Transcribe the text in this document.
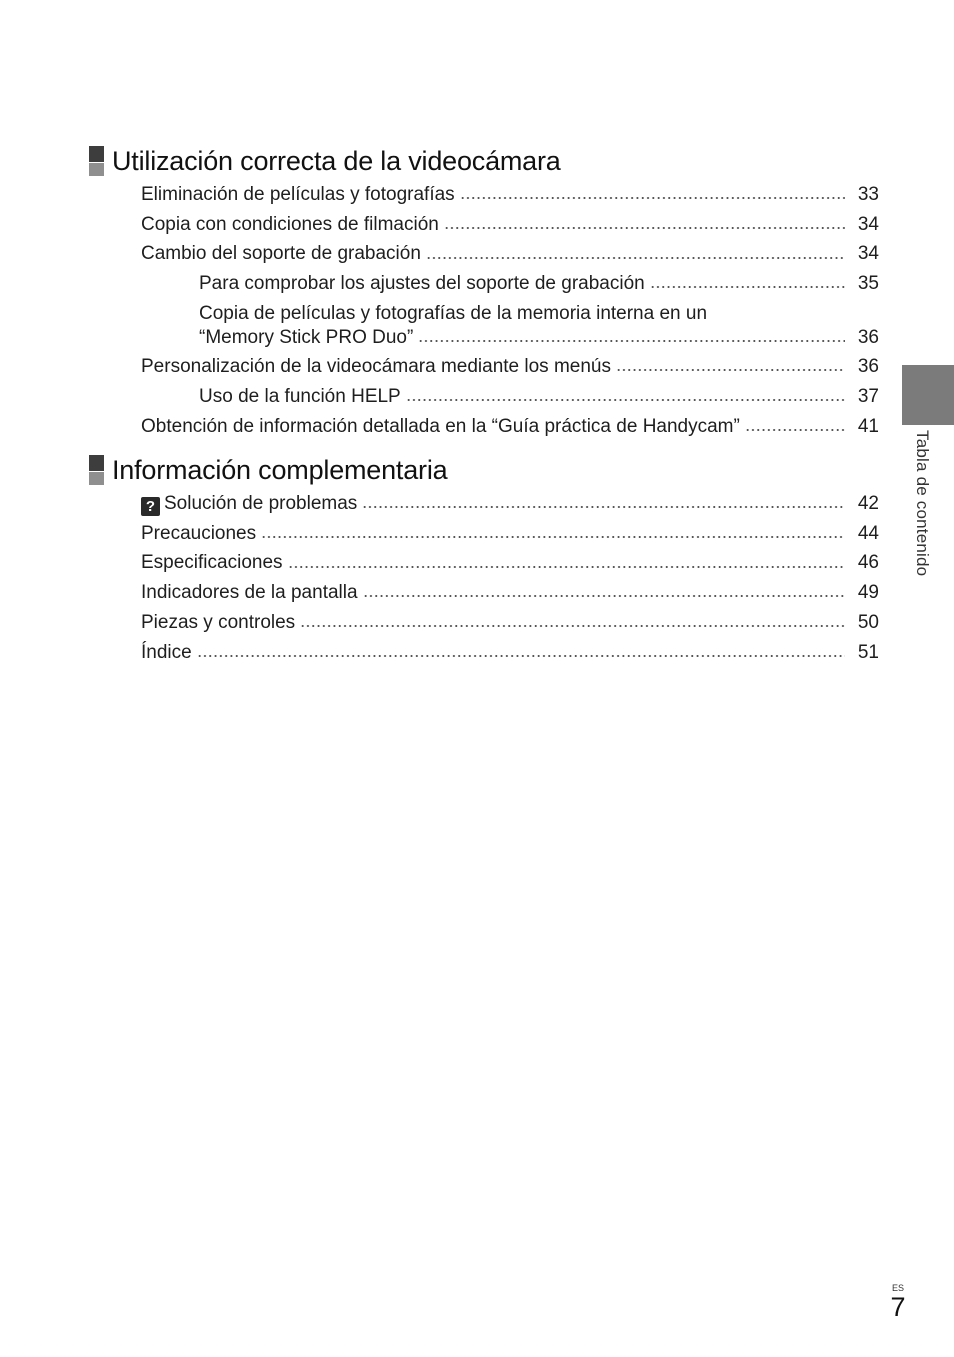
Utilización correcta de la videocámara
Eliminación de películas y fotografías	33
Copia con condiciones de filmación	34
Cambio del soporte de grabación	34
Para comprobar los ajustes del soporte de grabación	35
Copia de películas y fotografías de la memoria interna en un
“Memory Stick PRO Duo”	36
Personalización de la videocámara mediante los menús	36
Uso de la función HELP	37
Obtención de información detallada en la “Guía práctica de Handycam”	41
Información complementaria
? Solución de problemas	42
Precauciones	44
Especificaciones	46
Indicadores de la pantalla	49
Piezas y controles	50
Índice	51
Tabla de contenido
ES
7
